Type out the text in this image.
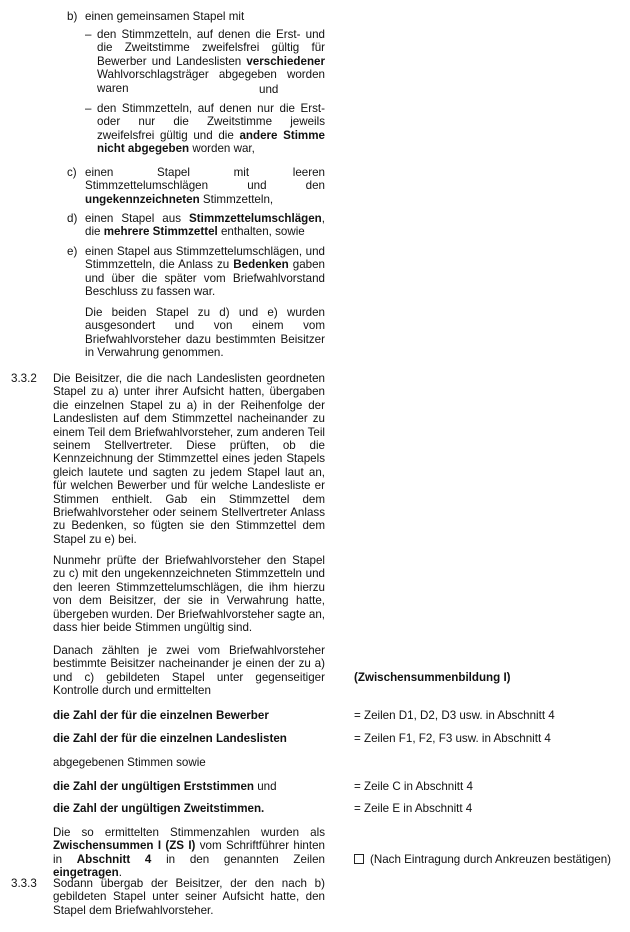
b) einen gemeinsamen Stapel mit

– den Stimmzetteln, auf denen die Erst- und die Zweitstimme zweifelsfrei gültig für Bewerber und Landeslisten verschiedener Wahlvorschlagsträger abgegeben worden waren	und
– den Stimmzetteln, auf denen nur die Erst- oder nur die Zweitstimme jeweils zweifelsfrei gültig und die andere Stimme nicht abgegeben worden war,

c) einen Stapel mit leeren Stimmzettelumschlägen und den ungekennzeichneten Stimmzetteln,

d) einen Stapel aus Stimmzettelumschlägen, die mehrere Stimmzettel enthalten, sowie

e) einen Stapel aus Stimmzettelumschlägen, und Stimmzetteln, die Anlass zu Bedenken gaben und über die später vom Briefwahlvorstand Beschluss zu fassen war.

Die beiden Stapel zu d) und e) wurden ausgesondert und von einem vom Briefwahlvorsteher dazu bestimmten Beisitzer in Verwahrung genommen.

3.3.2 Die Beisitzer, die die nach Landeslisten geordneten Stapel zu a) unter ihrer Aufsicht hatten, übergaben die einzelnen Stapel zu a) in der Reihenfolge der Landeslisten auf dem Stimmzettel nacheinander zu einem Teil dem Briefwahlvorsteher, zum anderen Teil seinem Stellvertreter. Diese prüften, ob die Kennzeichnung der Stimmzettel eines jeden Stapels gleich lautete und sagten zu jedem Stapel laut an, für welchen Bewerber und für welche Landesliste er Stimmen enthielt. Gab ein Stimmzettel dem Briefwahlvorsteher oder seinem Stellvertreter Anlass zu Bedenken, so fügten sie den Stimmzettel dem Stapel zu e) bei.

Nunmehr prüfte der Briefwahlvorsteher den Stapel zu c) mit den ungekennzeichneten Stimmzetteln und den leeren Stimmzettelumschlägen, die ihm hierzu von dem Beisitzer, der sie in Verwahrung hatte, übergeben wurden. Der Briefwahlvorsteher sagte an, dass hier beide Stimmen ungültig sind.

Danach zählten je zwei vom Briefwahlvorsteher bestimmte Beisitzer nacheinander je einen der zu a) und c) gebildeten Stapel unter gegenseitiger Kontrolle durch und ermittelten

(Zwischensummenbildung I)
die Zahl der für die einzelnen Bewerber	= Zeilen D1, D2, D3 usw. in Abschnitt 4
die Zahl der für die einzelnen Landeslisten	= Zeilen F1, F2, F3 usw. in Abschnitt 4
abgegebenen Stimmen sowie
die Zahl der ungültigen Erststimmen und	= Zeile C in Abschnitt 4
die Zahl der ungültigen Zweitstimmen.	= Zeile E in Abschnitt 4

Die so ermittelten Stimmenzahlen wurden als Zwischensummen I (ZS I) vom Schriftführer hinten in Abschnitt 4 in den genannten Zeilen eingetragen.

(Nach Eintragung durch Ankreuzen bestätigen)
3.3.3 Sodann übergab der Beisitzer, der den nach b) gebildeten Stapel unter seiner Aufsicht hatte, den Stapel dem Briefwahlvorsteher.
